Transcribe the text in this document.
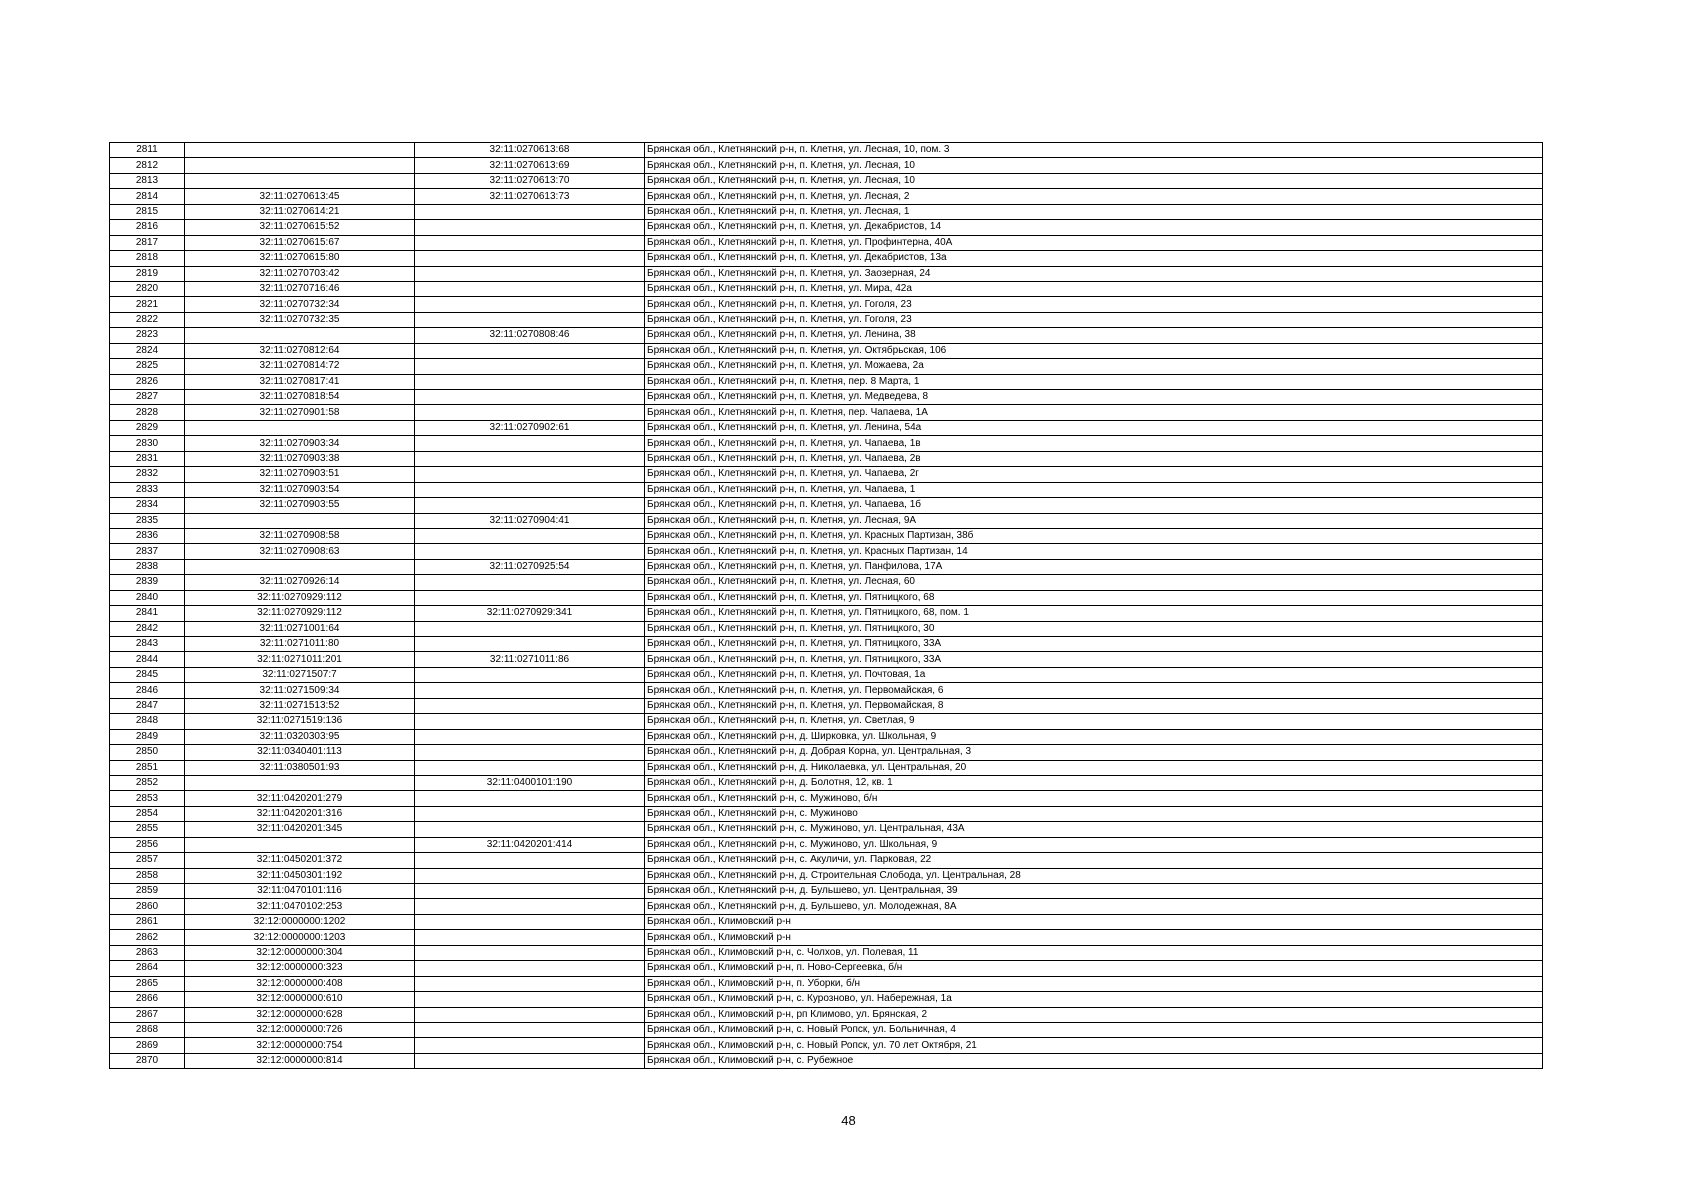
2811		32:11:0270613:68	Брянская обл., Клетнянский р-н, п. Клетня, ул. Лесная, 10, пом. 3
2812		32:11:0270613:69	Брянская обл., Клетнянский р-н, п. Клетня, ул. Лесная, 10
2813		32:11:0270613:70	Брянская обл., Клетнянский р-н, п. Клетня, ул. Лесная, 10
2814	32:11:0270613:45	32:11:0270613:73	Брянская обл., Клетнянский р-н, п. Клетня, ул. Лесная, 2
2815	32:11:0270614:21		Брянская обл., Клетнянский р-н, п. Клетня, ул. Лесная, 1
2816	32:11:0270615:52		Брянская обл., Клетнянский р-н, п. Клетня, ул. Декабристов, 14
2817	32:11:0270615:67		Брянская обл., Клетнянский р-н, п. Клетня, ул. Профинтерна, 40А
2818	32:11:0270615:80		Брянская обл., Клетнянский р-н, п. Клетня, ул. Декабристов, 13а
2819	32:11:0270703:42		Брянская обл., Клетнянский р-н, п. Клетня, ул. Заозерная, 24
2820	32:11:0270716:46		Брянская обл., Клетнянский р-н, п. Клетня, ул. Мира, 42а
2821	32:11:0270732:34		Брянская обл., Клетнянский р-н, п. Клетня, ул. Гоголя, 23
2822	32:11:0270732:35		Брянская обл., Клетнянский р-н, п. Клетня, ул. Гоголя, 23
2823		32:11:0270808:46	Брянская обл., Клетнянский р-н, п. Клетня, ул. Ленина, 38
2824	32:11:0270812:64		Брянская обл., Клетнянский р-н, п. Клетня, ул. Октябрьская, 106
2825	32:11:0270814:72		Брянская обл., Клетнянский р-н, п. Клетня, ул. Можаева, 2а
2826	32:11:0270817:41		Брянская обл., Клетнянский р-н, п. Клетня, пер. 8 Марта, 1
2827	32:11:0270818:54		Брянская обл., Клетнянский р-н, п. Клетня, ул. Медведева, 8
2828	32:11:0270901:58		Брянская обл., Клетнянский р-н, п. Клетня, пер. Чапаева, 1А
2829		32:11:0270902:61	Брянская обл., Клетнянский р-н, п. Клетня, ул. Ленина, 54а
2830	32:11:0270903:34		Брянская обл., Клетнянский р-н, п. Клетня, ул. Чапаева, 1в
2831	32:11:0270903:38		Брянская обл., Клетнянский р-н, п. Клетня, ул. Чапаева, 2в
2832	32:11:0270903:51		Брянская обл., Клетнянский р-н, п. Клетня, ул. Чапаева, 2г
2833	32:11:0270903:54		Брянская обл., Клетнянский р-н, п. Клетня, ул. Чапаева, 1
2834	32:11:0270903:55		Брянская обл., Клетнянский р-н, п. Клетня, ул. Чапаева, 1б
2835		32:11:0270904:41	Брянская обл., Клетнянский р-н, п. Клетня, ул. Лесная, 9А
2836	32:11:0270908:58		Брянская обл., Клетнянский р-н, п. Клетня, ул. Красных Партизан, 38б
2837	32:11:0270908:63		Брянская обл., Клетнянский р-н, п. Клетня, ул. Красных Партизан, 14
2838		32:11:0270925:54	Брянская обл., Клетнянский р-н, п. Клетня, ул. Панфилова, 17А
2839	32:11:0270926:14		Брянская обл., Клетнянский р-н, п. Клетня, ул. Лесная, 60
2840	32:11:0270929:112		Брянская обл., Клетнянский р-н, п. Клетня, ул. Пятницкого, 68
2841	32:11:0270929:112	32:11:0270929:341	Брянская обл., Клетнянский р-н, п. Клетня, ул. Пятницкого, 68, пом. 1
2842	32:11:0271001:64		Брянская обл., Клетнянский р-н, п. Клетня, ул. Пятницкого, 30
2843	32:11:0271011:80		Брянская обл., Клетнянский р-н, п. Клетня, ул. Пятницкого, 33А
2844	32:11:0271011:201	32:11:0271011:86	Брянская обл., Клетнянский р-н, п. Клетня, ул. Пятницкого, 33А
2845	32:11:0271507:7		Брянская обл., Клетнянский р-н, п. Клетня, ул. Почтовая, 1а
2846	32:11:0271509:34		Брянская обл., Клетнянский р-н, п. Клетня, ул. Первомайская, 6
2847	32:11:0271513:52		Брянская обл., Клетнянский р-н, п. Клетня, ул. Первомайская, 8
2848	32:11:0271519:136		Брянская обл., Клетнянский р-н, п. Клетня, ул. Светлая, 9
2849	32:11:0320303:95		Брянская обл., Клетнянский р-н, д. Ширковка, ул. Школьная, 9
2850	32:11:0340401:113		Брянская обл., Клетнянский р-н, д. Добрая Корна, ул. Центральная, 3
2851	32:11:0380501:93		Брянская обл., Клетнянский р-н, д. Николаевка, ул. Центральная, 20
2852		32:11:0400101:190	Брянская обл., Клетнянский р-н, д. Болотня, 12, кв. 1
2853	32:11:0420201:279		Брянская обл., Клетнянский р-н, с. Мужиново, б/н
2854	32:11:0420201:316		Брянская обл., Клетнянский р-н, с. Мужиново
2855	32:11:0420201:345		Брянская обл., Клетнянский р-н, с. Мужиново, ул. Центральная, 43А
2856		32:11:0420201:414	Брянская обл., Клетнянский р-н, с. Мужиново, ул. Школьная, 9
2857	32:11:0450201:372		Брянская обл., Клетнянский р-н, с. Акуличи, ул. Парковая, 22
2858	32:11:0450301:192		Брянская обл., Клетнянский р-н, д. Строительная Слобода, ул. Центральная, 28
2859	32:11:0470101:116		Брянская обл., Клетнянский р-н, д. Бульшево, ул. Центральная, 39
2860	32:11:0470102:253		Брянская обл., Клетнянский р-н, д. Бульшево, ул. Молодежная, 8А
2861	32:12:0000000:1202		Брянская обл., Климовский р-н
2862	32:12:0000000:1203		Брянская обл., Климовский р-н
2863	32:12:0000000:304		Брянская обл., Климовский р-н, с. Чолхов, ул. Полевая, 11
2864	32:12:0000000:323		Брянская обл., Климовский р-н, п. Ново-Сергеевка, б/н
2865	32:12:0000000:408		Брянская обл., Климовский р-н, п. Уборки, б/н
2866	32:12:0000000:610		Брянская обл., Климовский р-н, с. Курозново, ул. Набережная, 1а
2867	32:12:0000000:628		Брянская обл., Климовский р-н, рп Климово, ул. Брянская, 2
2868	32:12:0000000:726		Брянская обл., Климовский р-н, с. Новый Ропск, ул. Больничная, 4
2869	32:12:0000000:754		Брянская обл., Климовский р-н, с. Новый Ропск, ул. 70 лет Октября, 21
2870	32:12:0000000:814		Брянская обл., Климовский р-н, с. Рубежное
48
